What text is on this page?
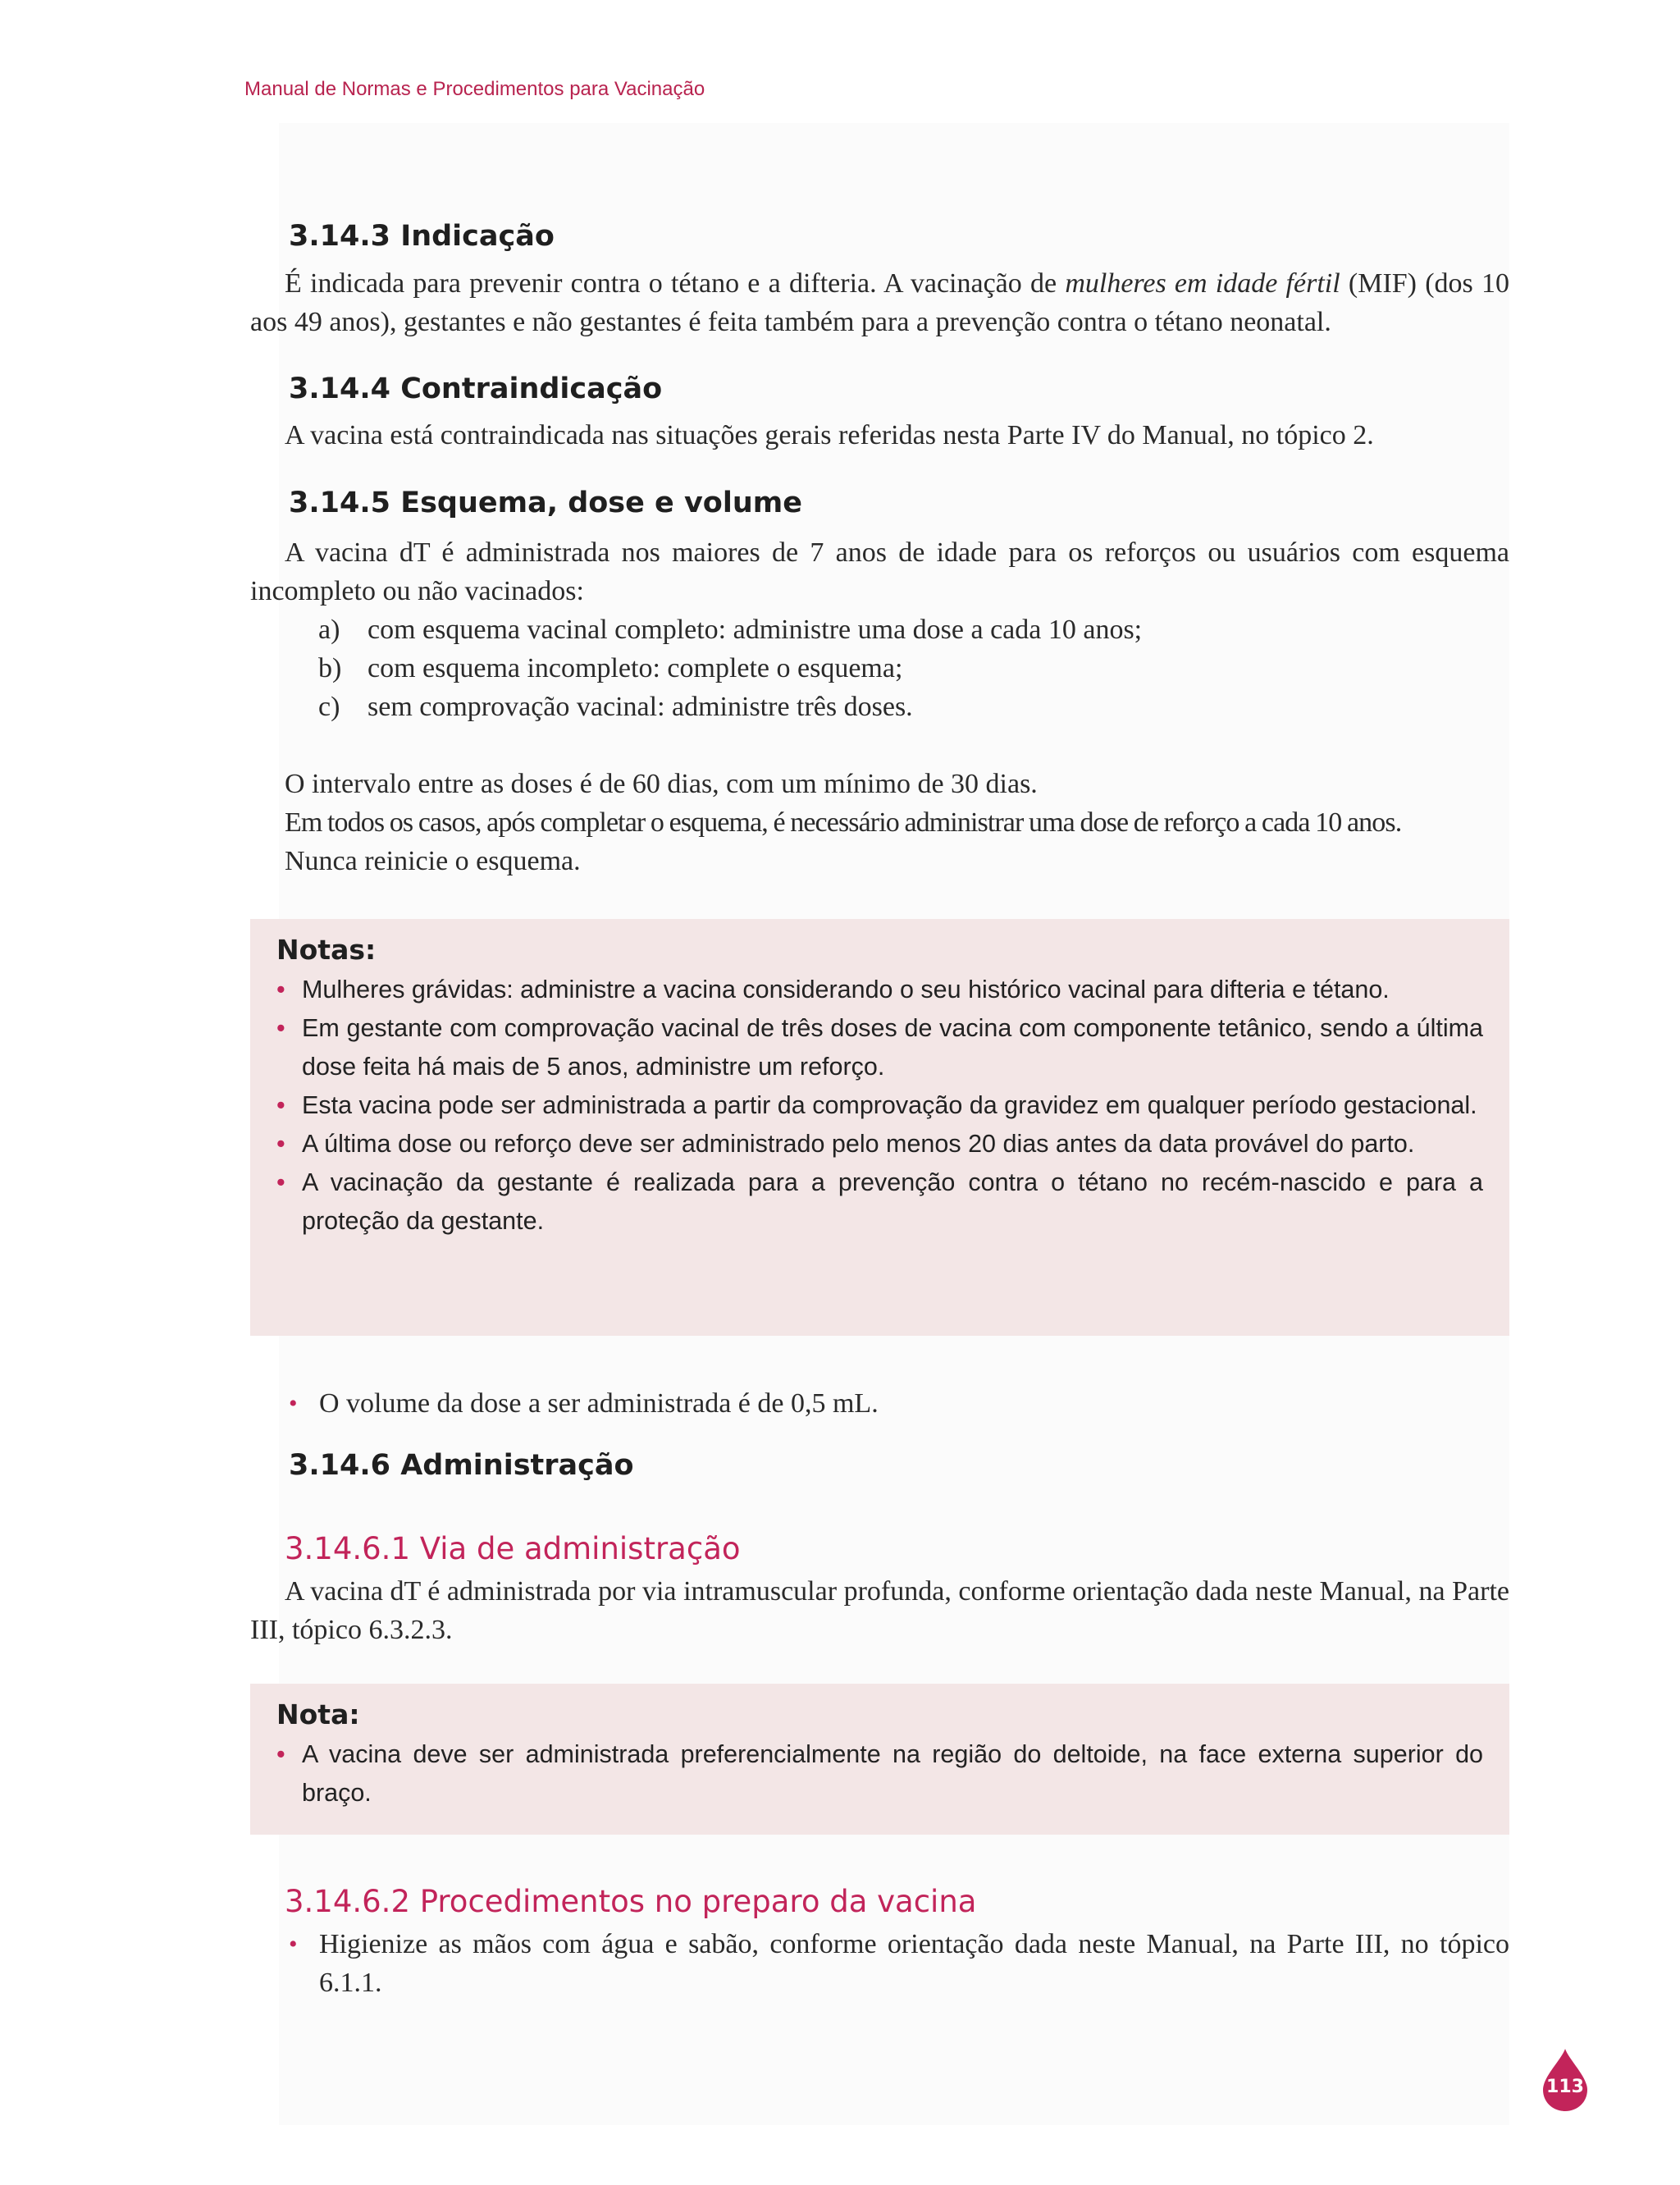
Manual de Normas e Procedimentos para Vacinação
3.14.3 Indicação
É indicada para prevenir contra o tétano e a difteria. A vacinação de mulheres em idade fértil (MIF) (dos 10 aos 49 anos), gestantes e não gestantes é feita também para a prevenção contra o tétano neonatal.
3.14.4 Contraindicação
A vacina está contraindicada nas situações gerais referidas nesta Parte IV do Manual, no tópico 2.
3.14.5 Esquema, dose e volume
A vacina dT é administrada nos maiores de 7 anos de idade para os reforços ou usuários com esquema incompleto ou não vacinados:
a) com esquema vacinal completo: administre uma dose a cada 10 anos;
b) com esquema incompleto: complete o esquema;
c) sem comprovação vacinal: administre três doses.
O intervalo entre as doses é de 60 dias, com um mínimo de 30 dias.
Em todos os casos, após completar o esquema, é necessário administrar uma dose de reforço a cada 10 anos.
Nunca reinicie o esquema.
Notas:
• Mulheres grávidas: administre a vacina considerando o seu histórico vacinal para difteria e tétano.
• Em gestante com comprovação vacinal de três doses de vacina com componente tetânico, sendo a última dose feita há mais de 5 anos, administre um reforço.
• Esta vacina pode ser administrada a partir da comprovação da gravidez em qualquer período gestacional.
• A última dose ou reforço deve ser administrado pelo menos 20 dias antes da data provável do parto.
• A vacinação da gestante é realizada para a prevenção contra o tétano no recém-nascido e para a proteção da gestante.
• O volume da dose a ser administrada é de 0,5 mL.
3.14.6 Administração
3.14.6.1 Via de administração
A vacina dT é administrada por via intramuscular profunda, conforme orientação dada neste Manual, na Parte III, tópico 6.3.2.3.
Nota:
• A vacina deve ser administrada preferencialmente na região do deltoide, na face externa superior do braço.
3.14.6.2 Procedimentos no preparo da vacina
• Higienize as mãos com água e sabão, conforme orientação dada neste Manual, na Parte III, no tópico 6.1.1.
113
